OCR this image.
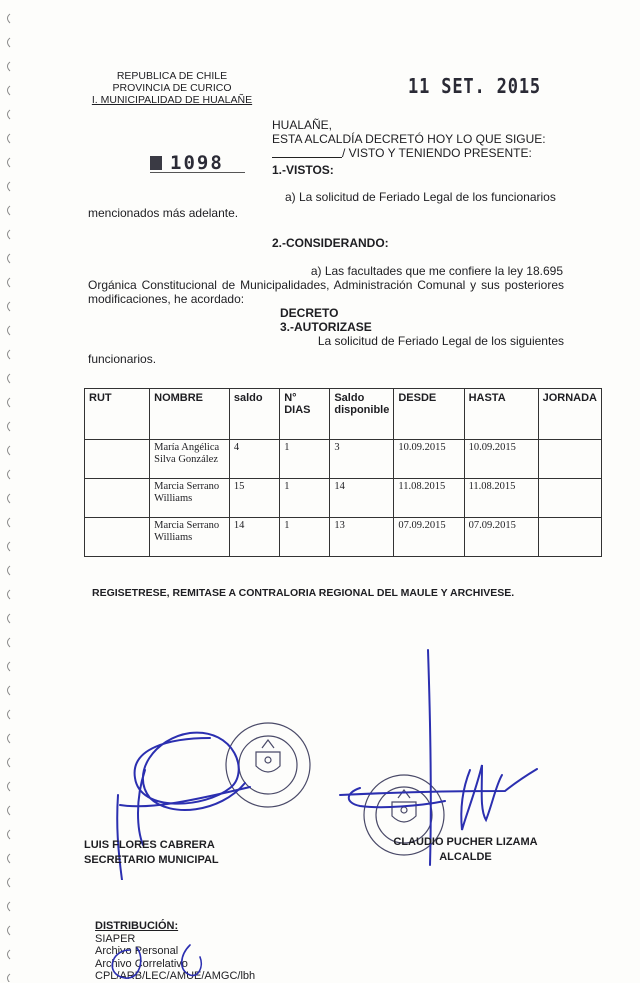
REPUBLICA DE CHILE
PROVINCIA DE CURICO
I. MUNICIPALIDAD DE HUALAÑE
11 SET. 2015
HUALAÑE,
ESTA ALCALDÍA DECRETÓ HOY LO QUE SIGUE:
/ VISTO Y TENIENDO PRESENTE:
1098	1.-VISTOS:
a) La solicitud de Feriado Legal de los funcionarios
mencionados más adelante.
2.-CONSIDERANDO:
a) Las facultades que me confiere la ley 18.695
Orgánica Constitucional de Municipalidades, Administración Comunal y sus posteriores modificaciones, he acordado:
DECRETO
3.-AUTORIZASE
La solicitud de Feriado Legal de los siguientes
funcionarios.
RUT	NOMBRE	saldo	N° DIAS	Saldo disponible	DESDE	HASTA	JORNADA
	María Angélica Silva González	4	1	3	10.09.2015	10.09.2015	
	Marcia Serrano Williams	15	1	14	11.08.2015	11.08.2015	
	Marcia Serrano Williams	14	1	13	07.09.2015	07.09.2015	
REGISETRESE, REMITASE A CONTRALORIA REGIONAL DEL MAULE Y ARCHIVESE.
LUIS FLORES CABRERA
SECRETARIO MUNICIPAL
CLAUDIO PUCHER LIZAMA
ALCALDE
DISTRIBUCIÓN:
SIAPER
Archivo Personal
Archivo Correlativo
CPL/ARB/LEC/AMUE/AMGC/lbh
